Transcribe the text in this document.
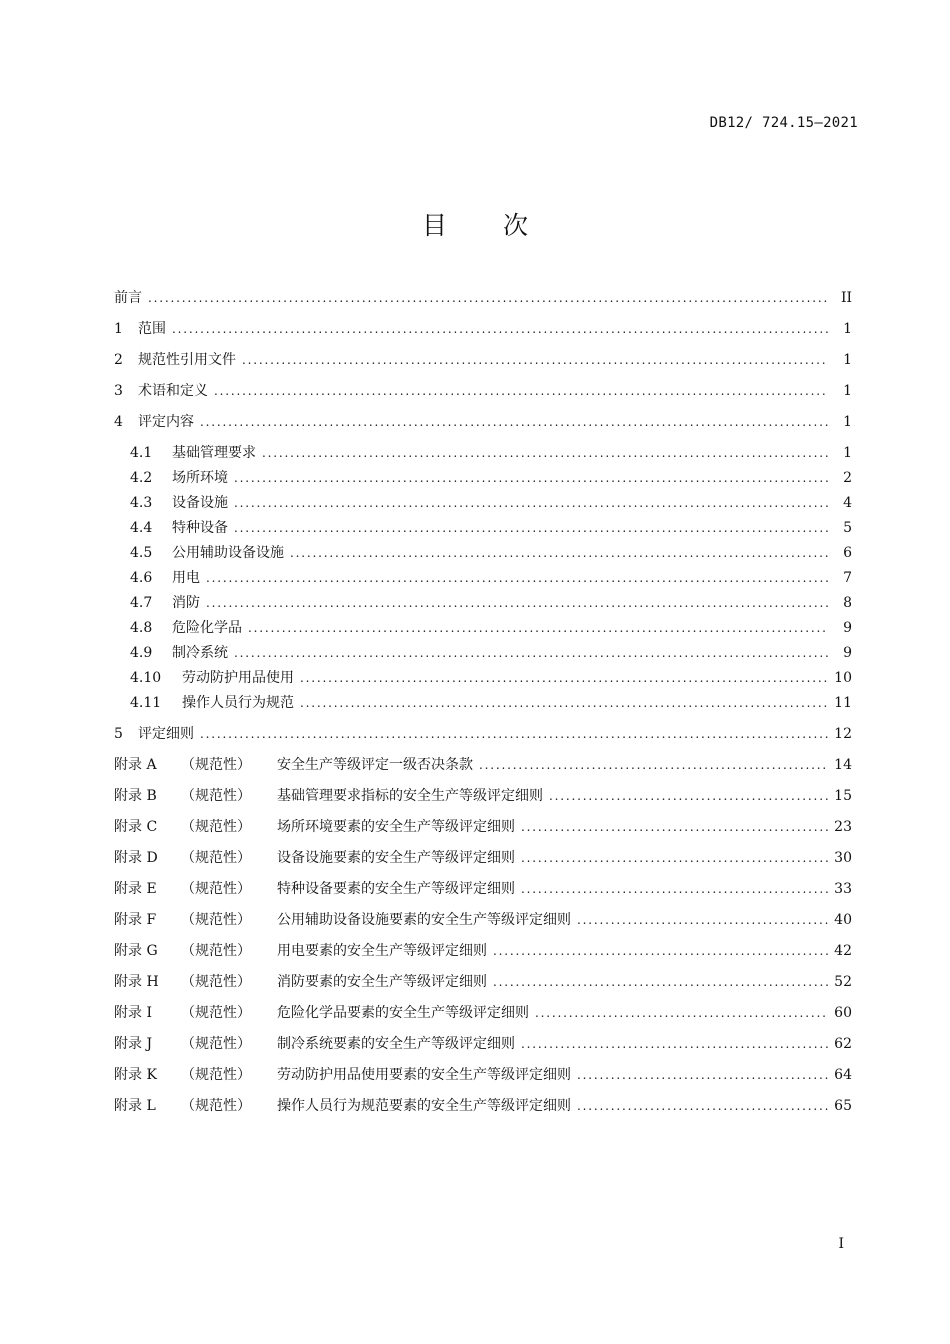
DB12/ 724.15—2021
目 次
前言 . . .	II
1	范围 . . .	1
2	规范性引用文件 . . .	1
3	术语和定义 . . .	1
4	评定内容 . . .	1
4.1	基础管理要求 . . .	1
4.2	场所环境 . . .	2
4.3	设备设施 . . .	4
4.4	特种设备 . . .	5
4.5	公用辅助设备设施 . . .	6
4.6	用电 . . .	7
4.7	消防 . . .	8
4.8	危险化学品 . . .	9
4.9	制冷系统 . . .	9
4.10	劳动防护用品使用 . . .	10
4.11	操作人员行为规范 . . .	11
5	评定细则 . . .	12
附录 A	（规范性）	安全生产等级评定一级否决条款 . . .	14
附录 B	（规范性）	基础管理要求指标的安全生产等级评定细则 . . .	15
附录 C	（规范性）	场所环境要素的安全生产等级评定细则 . . .	23
附录 D	（规范性）	设备设施要素的安全生产等级评定细则 . . .	30
附录 E	（规范性）	特种设备要素的安全生产等级评定细则 . . .	33
附录 F	（规范性）	公用辅助设备设施要素的安全生产等级评定细则 . . .	40
附录 G	（规范性）	用电要素的安全生产等级评定细则 . . .	42
附录 H	（规范性）	消防要素的安全生产等级评定细则 . . .	52
附录 I	（规范性）	危险化学品要素的安全生产等级评定细则 . . .	60
附录 J	（规范性）	制冷系统要素的安全生产等级评定细则 . . .	62
附录 K	（规范性）	劳动防护用品使用要素的安全生产等级评定细则 . . .	64
附录 L	（规范性）	操作人员行为规范要素的安全生产等级评定细则 . . .	65
I
